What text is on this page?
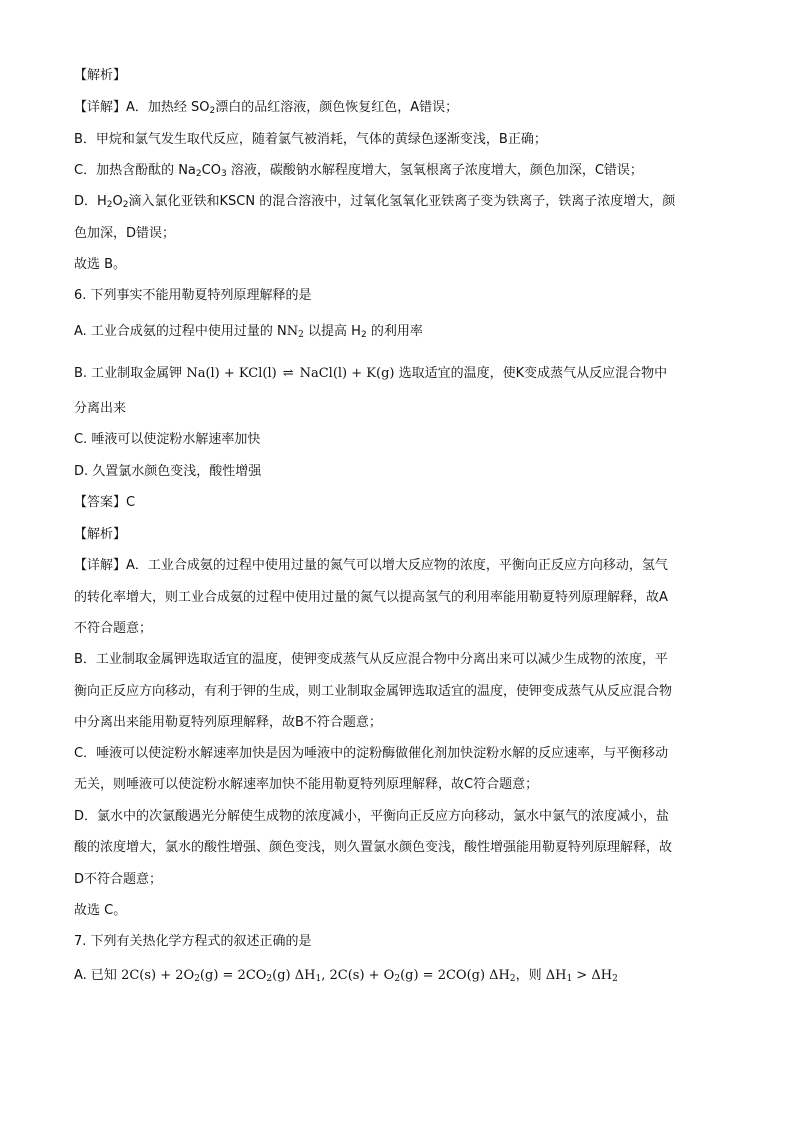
【解析】
【详解】A．加热经 $SO_2$漂白的品红溶液，颜色恢复红色，A错误；
B．甲烷和氯气发生取代反应，随着氯气被消耗，气体的黄绿色逐渐变浅，B正确；
C．加热含酚酞的 $Na_2CO_3$ 溶液，碳酸钠水解程度增大，氢氧根离子浓度增大，颜色加深，C错误；
D．$H_2O_2$滴入氯化亚铁和KSCN 的混合溶液中，过氧化氢氧化亚铁离子变为铁离子，铁离子浓度增大，颜
色加深，D错误；
故选 B。
6. 下列事实不能用勒夏特列原理解释的是
A. 工业合成氨的过程中使用过量的 $NN_2$ 以提高 $H_2$ 的利用率
B. 工业制取金属钾 Na(l) + KCl(l) ⇌ NaCl(l) + K(g) 选取适宜的温度，使K变成蒸气从反应混合物中
分离出来
C. 唾液可以使淀粉水解速率加快
D. 久置氯水颜色变浅，酸性增强
【答案】C
【解析】
【详解】A．工业合成氨的过程中使用过量的氮气可以增大反应物的浓度，平衡向正反应方向移动，氢气
的转化率增大，则工业合成氨的过程中使用过量的氮气以提高氢气的利用率能用勒夏特列原理解释，故A
不符合题意；
B．工业制取金属钾选取适宜的温度，使钾变成蒸气从反应混合物中分离出来可以减少生成物的浓度，平
衡向正反应方向移动，有利于钾的生成，则工业制取金属钾选取适宜的温度，使钾变成蒸气从反应混合物
中分离出来能用勒夏特列原理解释，故B不符合题意；
C．唾液可以使淀粉水解速率加快是因为唾液中的淀粉酶做催化剂加快淀粉水解的反应速率，与平衡移动
无关，则唾液可以使淀粉水解速率加快不能用勒夏特列原理解释，故C符合题意；
D．氯水中的次氯酸遇光分解使生成物的浓度减小，平衡向正反应方向移动，氯水中氯气的浓度减小，盐
酸的浓度增大，氯水的酸性增强、颜色变浅，则久置氯水颜色变浅，酸性增强能用勒夏特列原理解释，故
D不符合题意；
故选 C。
7. 下列有关热化学方程式的叙述正确的是
A. 已知 $2C(s) + 2O_2(g) = 2CO_2(g)$ $\Delta H_1$, $2C(s) + O_2(g) = 2CO(g)$ $\Delta H_2$，则 $\Delta H_1 > \Delta H_2$
